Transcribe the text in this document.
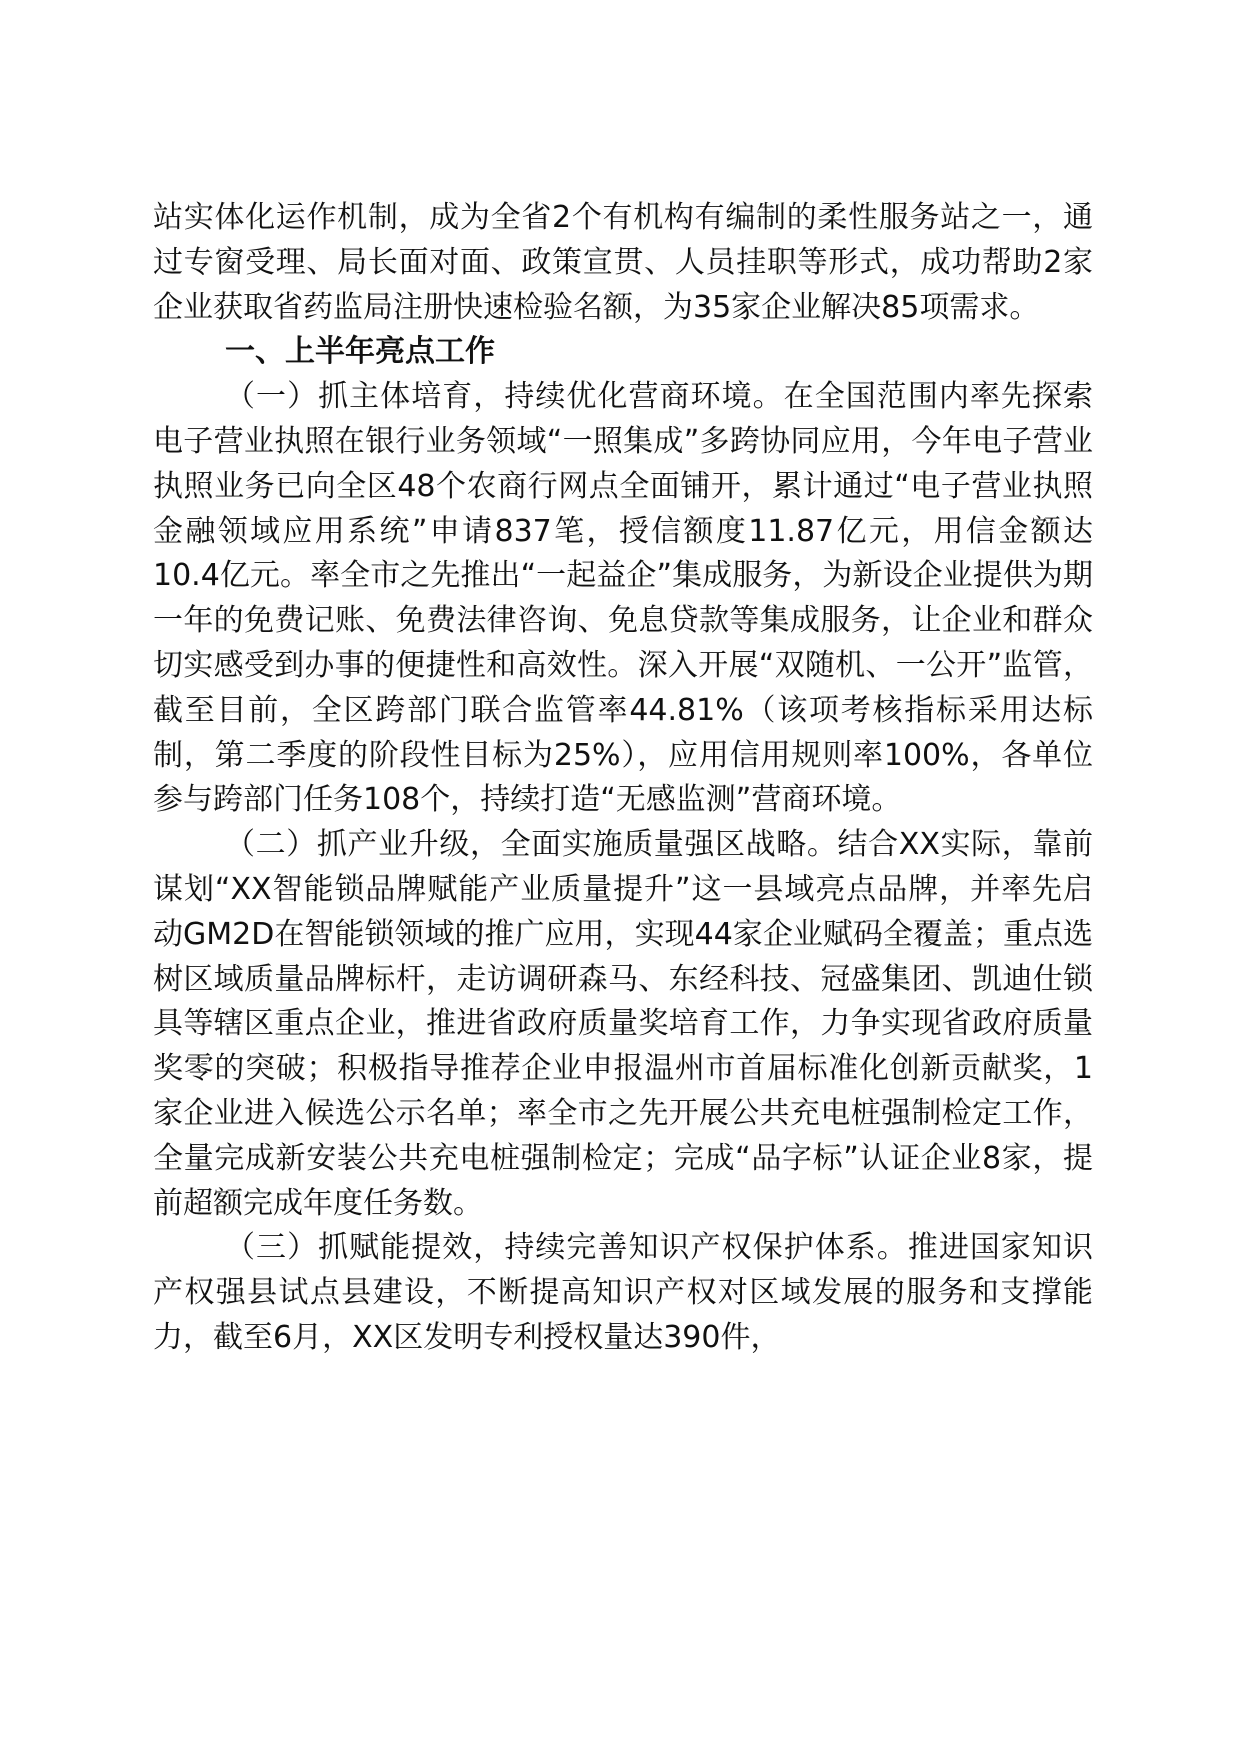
站实体化运作机制，成为全省2个有机构有编制的柔性服务站之一，通过专窗受理、局长面对面、政策宣贯、人员挂职等形式，成功帮助2家企业获取省药监局注册快速检验名额，为35家企业解决85项需求。

一、上半年亮点工作

（一）抓主体培育，持续优化营商环境。在全国范围内率先探索电子营业执照在银行业务领域“一照集成”多跨协同应用，今年电子营业执照业务已向全区48个农商行网点全面铺开，累计通过“电子营业执照金融领域应用系统”申请837笔，授信额度11.87亿元，用信金额达10.4亿元。率全市之先推出“一起益企”集成服务，为新设企业提供为期一年的免费记账、免费法律咨询、免息贷款等集成服务，让企业和群众切实感受到办事的便捷性和高效性。深入开展“双随机、一公开”监管，截至目前，全区跨部门联合监管率44.81%（该项考核指标采用达标制，第二季度的阶段性目标为25%），应用信用规则率100%，各单位参与跨部门任务108个，持续打造“无感监测”营商环境。

（二）抓产业升级，全面实施质量强区战略。结合XX实际，靠前谋划“XX智能锁品牌赋能产业质量提升”这一县域亮点品牌，并率先启动GM2D在智能锁领域的推广应用，实现44家企业赋码全覆盖；重点选树区域质量品牌标杆，走访调研森马、东经科技、冠盛集团、凯迪仕锁具等辖区重点企业，推进省政府质量奖培育工作，力争实现省政府质量奖零的突破；积极指导推荐企业申报温州市首届标准化创新贡献奖，1家企业进入候选公示名单；率全市之先开展公共充电桩强制检定工作，全量完成新安装公共充电桩强制检定；完成“品字标”认证企业8家，提前超额完成年度任务数。

（三）抓赋能提效，持续完善知识产权保护体系。推进国家知识产权强县试点县建设，不断提高知识产权对区域发展的服务和支撑能力，截至6月，XX区发明专利授权量达390件，
